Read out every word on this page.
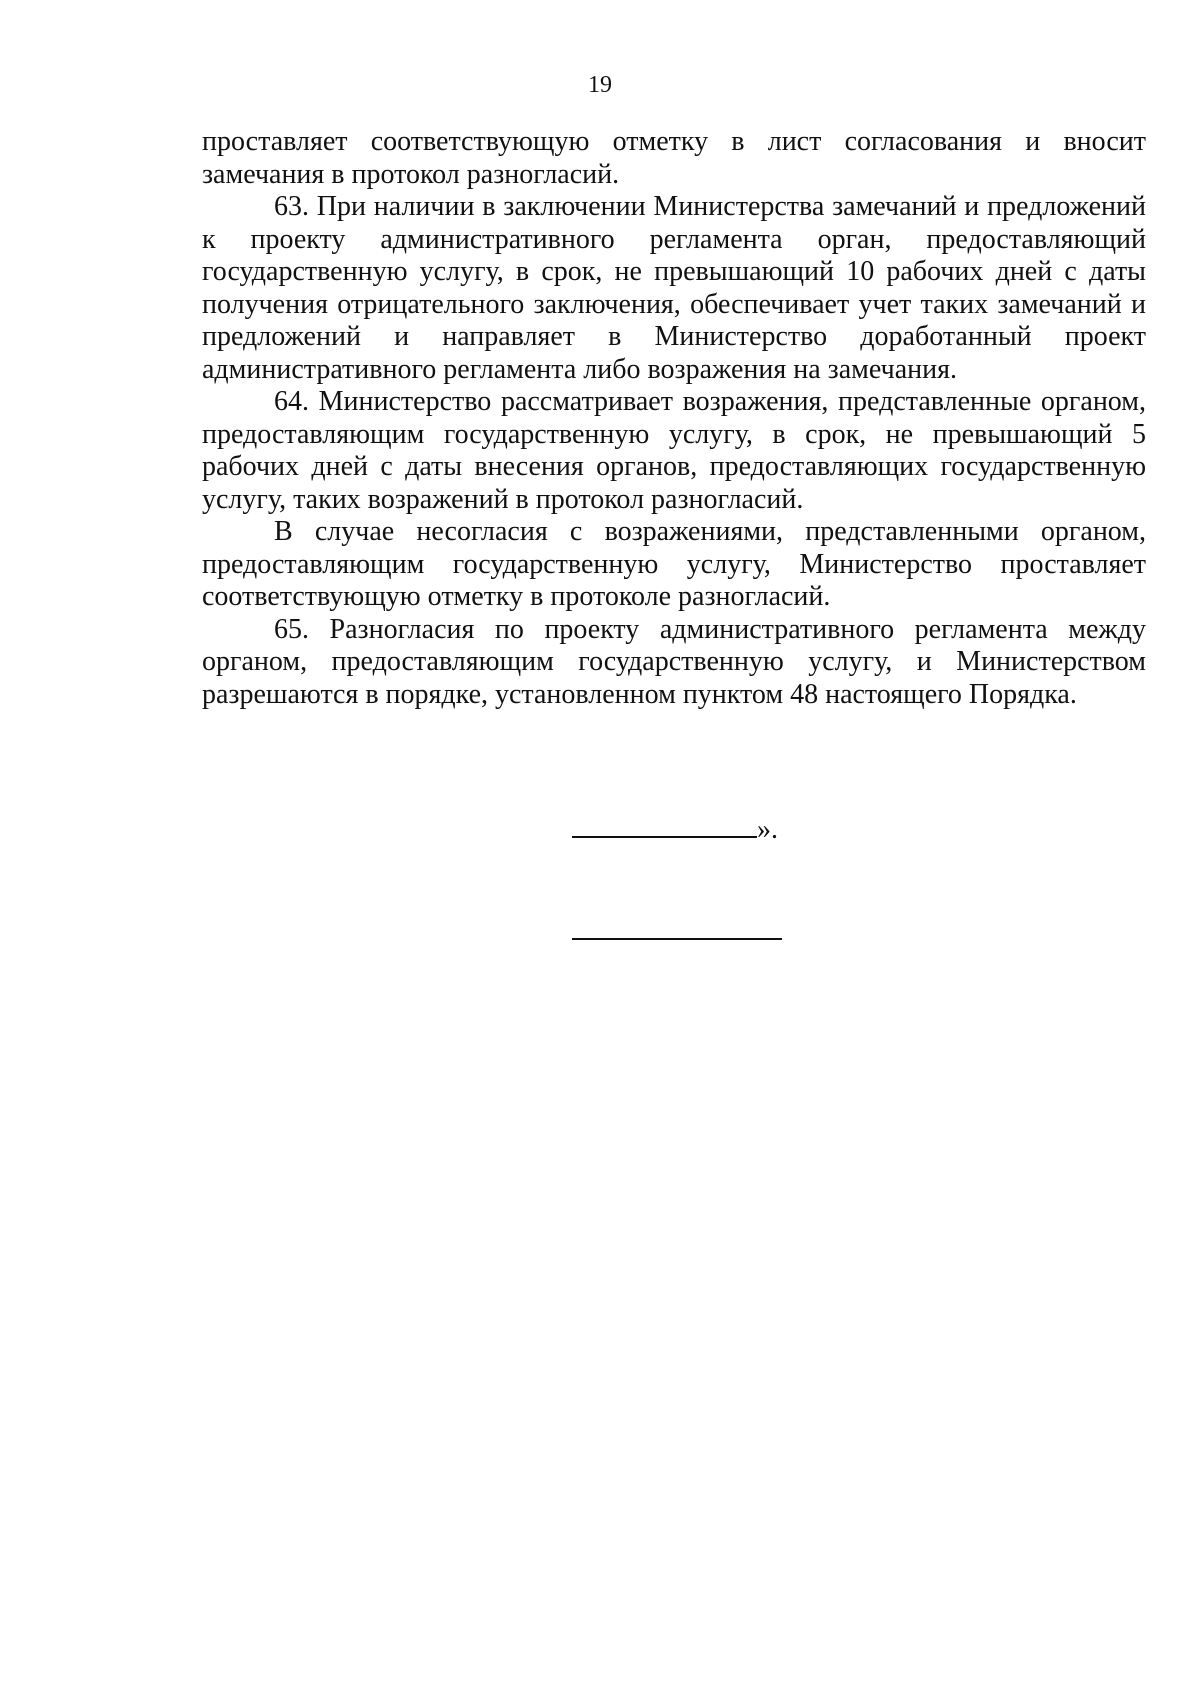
19

проставляет соответствующую отметку в лист согласования и вносит замечания в протокол разногласий.

63. При наличии в заключении Министерства замечаний и предложений к проекту административного регламента орган, предоставляющий государственную услугу, в срок, не превышающий 10 рабочих дней с даты получения отрицательного заключения, обеспечивает учет таких замечаний и предложений и направляет в Министерство доработанный проект административного регламента либо возражения на замечания.

64. Министерство рассматривает возражения, представленные органом, предоставляющим государственную услугу, в срок, не превышающий 5 рабочих дней с даты внесения органов, предоставляющих государственную услугу, таких возражений в протокол разногласий.

В случае несогласия с возражениями, представленными органом, предоставляющим государственную услугу, Министерство проставляет соответствующую отметку в протоколе разногласий.

65. Разногласия по проекту административного регламента между органом, предоставляющим государственную услугу, и Министерством разрешаются в порядке, установленном пунктом 48 настоящего Порядка.

».
